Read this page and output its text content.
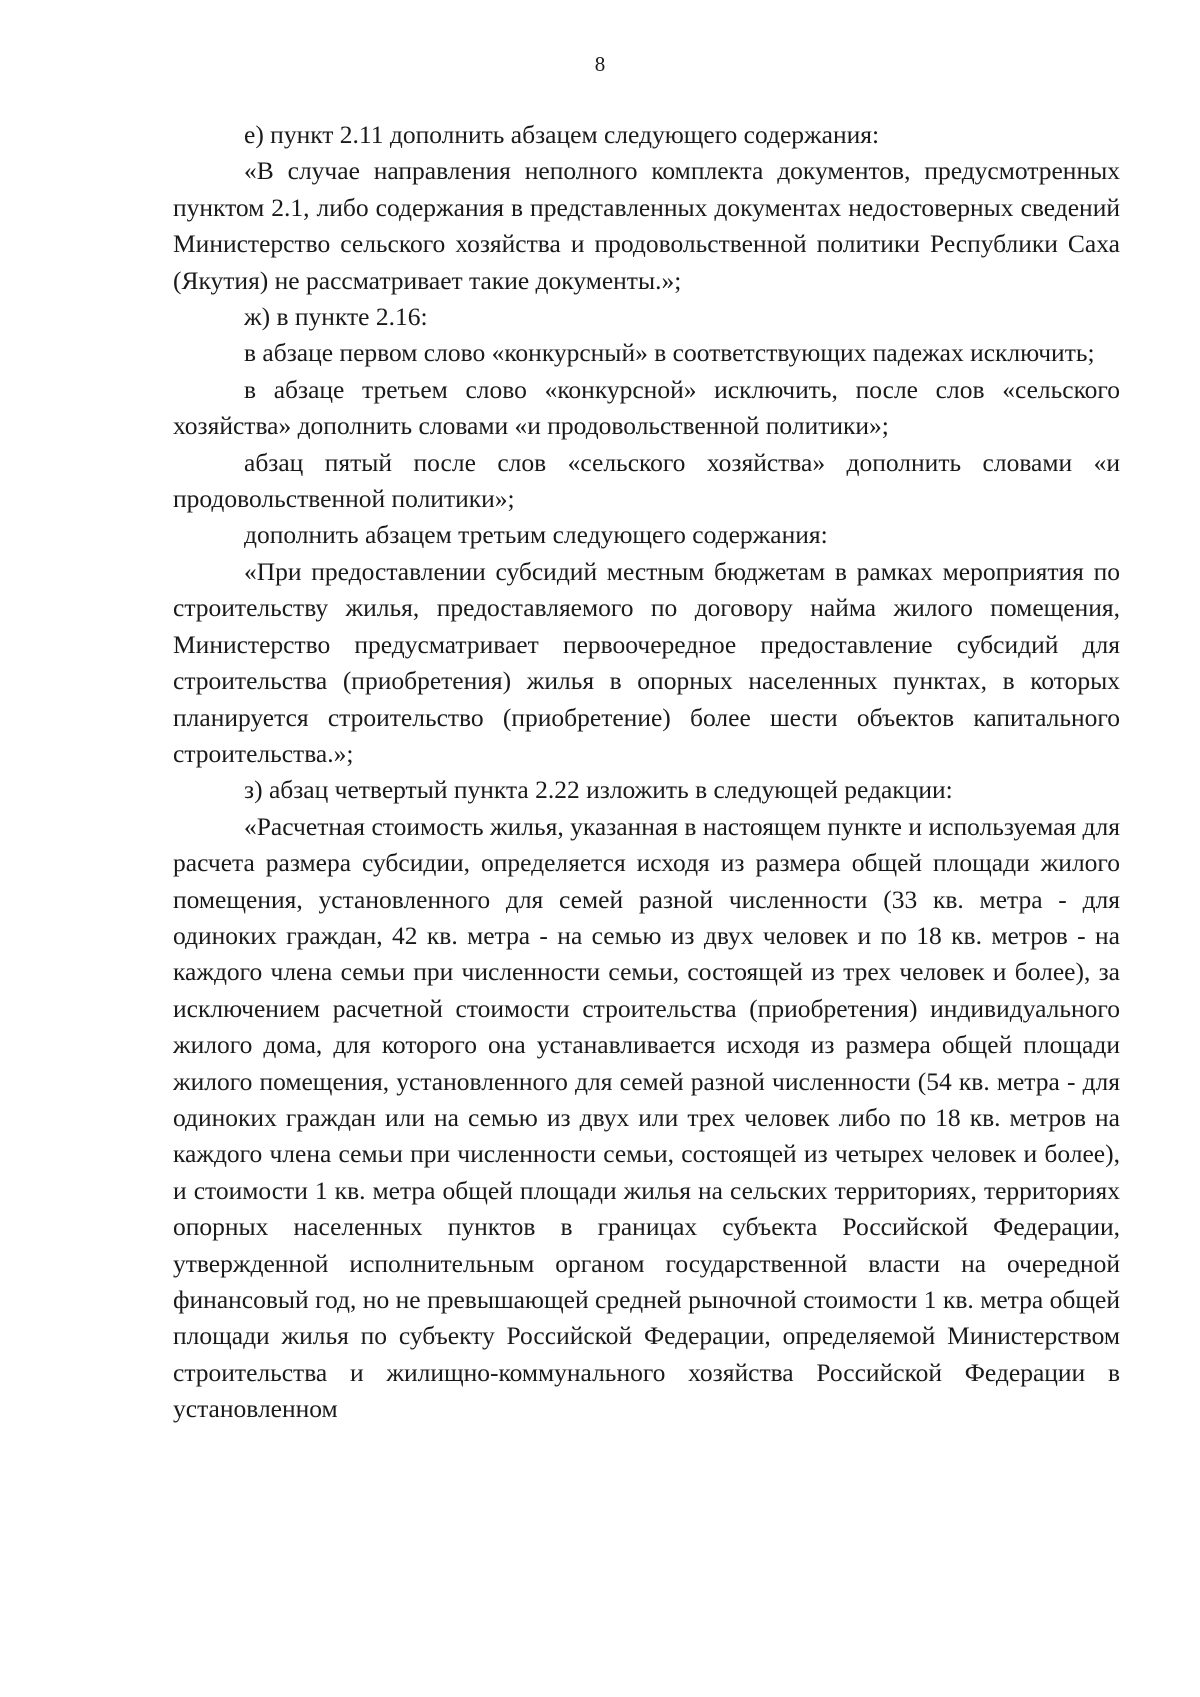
8

е) пункт 2.11 дополнить абзацем следующего содержания:

«В случае направления неполного комплекта документов, предусмотренных пунктом 2.1, либо содержания в представленных документах недостоверных сведений Министерство сельского хозяйства и продовольственной политики Республики Саха (Якутия) не рассматривает такие документы.»;

ж) в пункте 2.16:

в абзаце первом слово «конкурсный» в соответствующих падежах исключить;

в абзаце третьем слово «конкурсной» исключить, после слов «сельского хозяйства» дополнить словами «и продовольственной политики»;

абзац пятый после слов «сельского хозяйства» дополнить словами «и продовольственной политики»;

дополнить абзацем третьим следующего содержания:

«При предоставлении субсидий местным бюджетам в рамках мероприятия по строительству жилья, предоставляемого по договору найма жилого помещения, Министерство предусматривает первоочередное предоставление субсидий для строительства (приобретения) жилья в опорных населенных пунктах, в которых планируется строительство (приобретение) более шести объектов капитального строительства.»;

з) абзац четвертый пункта 2.22 изложить в следующей редакции:

«Расчетная стоимость жилья, указанная в настоящем пункте и используемая для расчета размера субсидии, определяется исходя из размера общей площади жилого помещения, установленного для семей разной численности (33 кв. метра - для одиноких граждан, 42 кв. метра - на семью из двух человек и по 18 кв. метров - на каждого члена семьи при численности семьи, состоящей из трех человек и более), за исключением расчетной стоимости строительства (приобретения) индивидуального жилого дома, для которого она устанавливается исходя из размера общей площади жилого помещения, установленного для семей разной численности (54 кв. метра - для одиноких граждан или на семью из двух или трех человек либо по 18 кв. метров на каждого члена семьи при численности семьи, состоящей из четырех человек и более), и стоимости 1 кв. метра общей площади жилья на сельских территориях, территориях опорных населенных пунктов в границах субъекта Российской Федерации, утвержденной исполнительным органом государственной власти на очередной финансовый год, но не превышающей средней рыночной стоимости 1 кв. метра общей площади жилья по субъекту Российской Федерации, определяемой Министерством строительства и жилищно-коммунального хозяйства Российской Федерации в установленном
